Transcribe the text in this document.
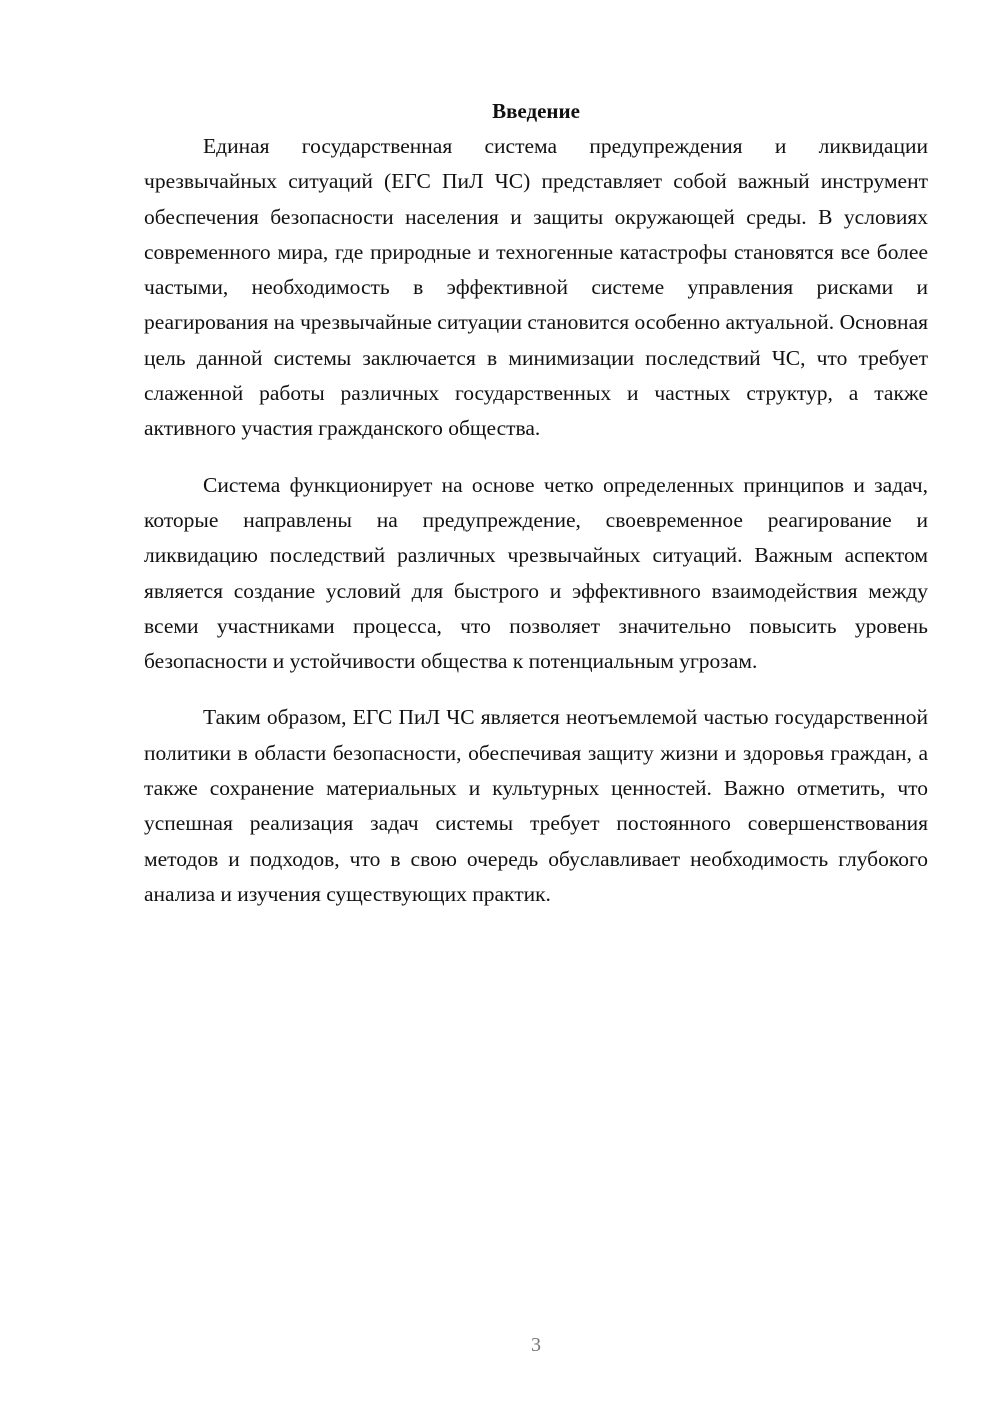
Введение

Единая государственная система предупреждения и ликвидации чрезвычайных ситуаций (ЕГС ПиЛ ЧС) представляет собой важный инструмент обеспечения безопасности населения и защиты окружающей среды. В условиях современного мира, где природные и техногенные катастрофы становятся все более частыми, необходимость в эффективной системе управления рисками и реагирования на чрезвычайные ситуации становится особенно актуальной. Основная цель данной системы заключается в минимизации последствий ЧС, что требует слаженной работы различных государственных и частных структур, а также активного участия гражданского общества.

Система функционирует на основе четко определенных принципов и задач, которые направлены на предупреждение, своевременное реагирование и ликвидацию последствий различных чрезвычайных ситуаций. Важным аспектом является создание условий для быстрого и эффективного взаимодействия между всеми участниками процесса, что позволяет значительно повысить уровень безопасности и устойчивости общества к потенциальным угрозам.

Таким образом, ЕГС ПиЛ ЧС является неотъемлемой частью государственной политики в области безопасности, обеспечивая защиту жизни и здоровья граждан, а также сохранение материальных и культурных ценностей. Важно отметить, что успешная реализация задач системы требует постоянного совершенствования методов и подходов, что в свою очередь обуславливает необходимость глубокого анализа и изучения существующих практик.

3
